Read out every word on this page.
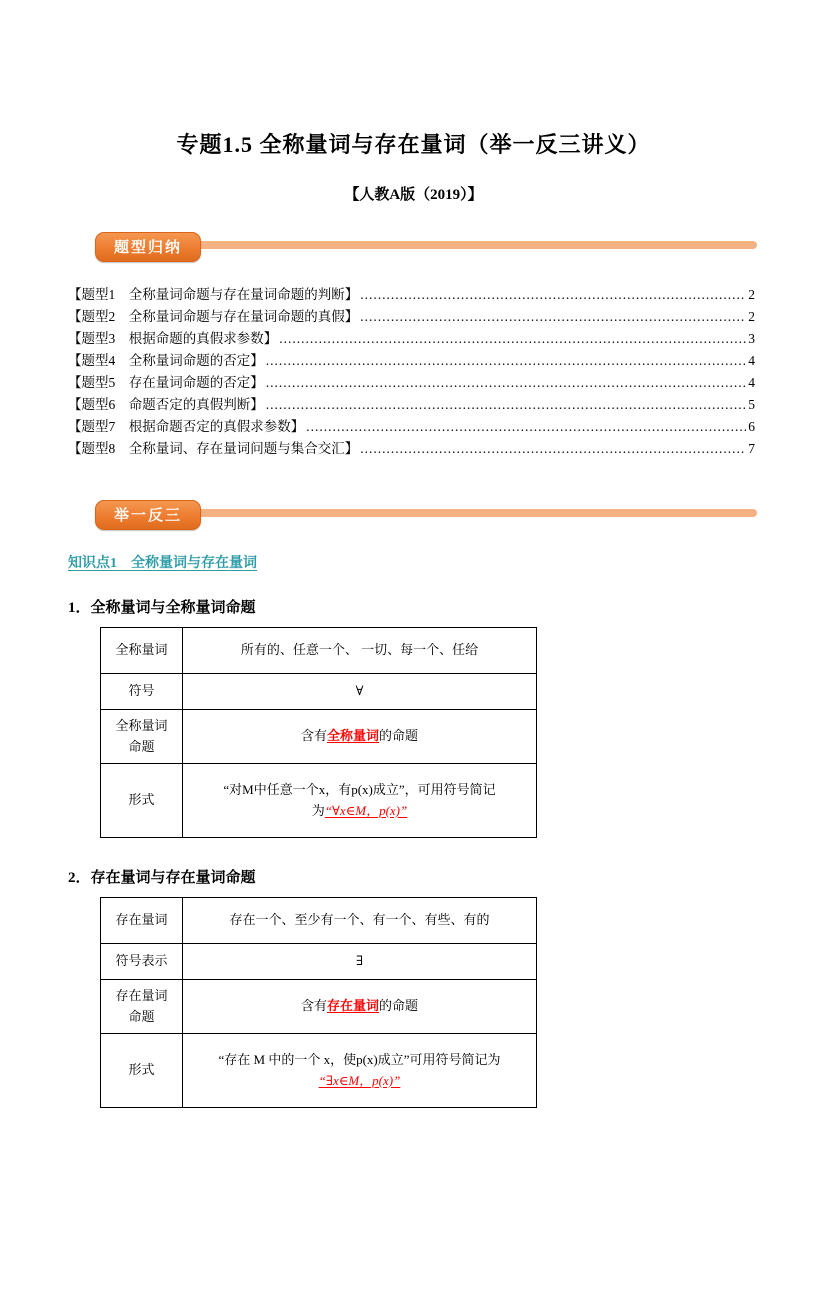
专题1.5 全称量词与存在量词（举一反三讲义）
【人教A版（2019）】
题型归纳
【题型1　全称量词命题与存在量词命题的判断】 .....	2
【题型2　全称量词命题与存在量词命题的真假】 .....	2
【题型3　根据命题的真假求参数】 .....	3
【题型4　全称量词命题的否定】 .....	4
【题型5　存在量词命题的否定】 .....	4
【题型6　命题否定的真假判断】 .....	5
【题型7　根据命题否定的真假求参数】 .....	6
【题型8　全称量词、存在量词问题与集合交汇】 .....	7
举一反三
知识点1　全称量词与存在量词
1．全称量词与全称量词命题
全称量词	所有的、任意一个、 一切、每一个、任给
符号	∀
全称量词命题	含有全称量词的命题
形式	“对M中任意一个x，有p(x)成立”，可用符号简记为“∀x∈M，p(x)”
2．存在量词与存在量词命题
存在量词	存在一个、至少有一个、有一个、有些、有的
符号表示	∃
存在量词命题	含有存在量词的命题
形式	“存在 M 中的一个 x，使p(x)成立”可用符号简记为
“∃x∈M，p(x)”
